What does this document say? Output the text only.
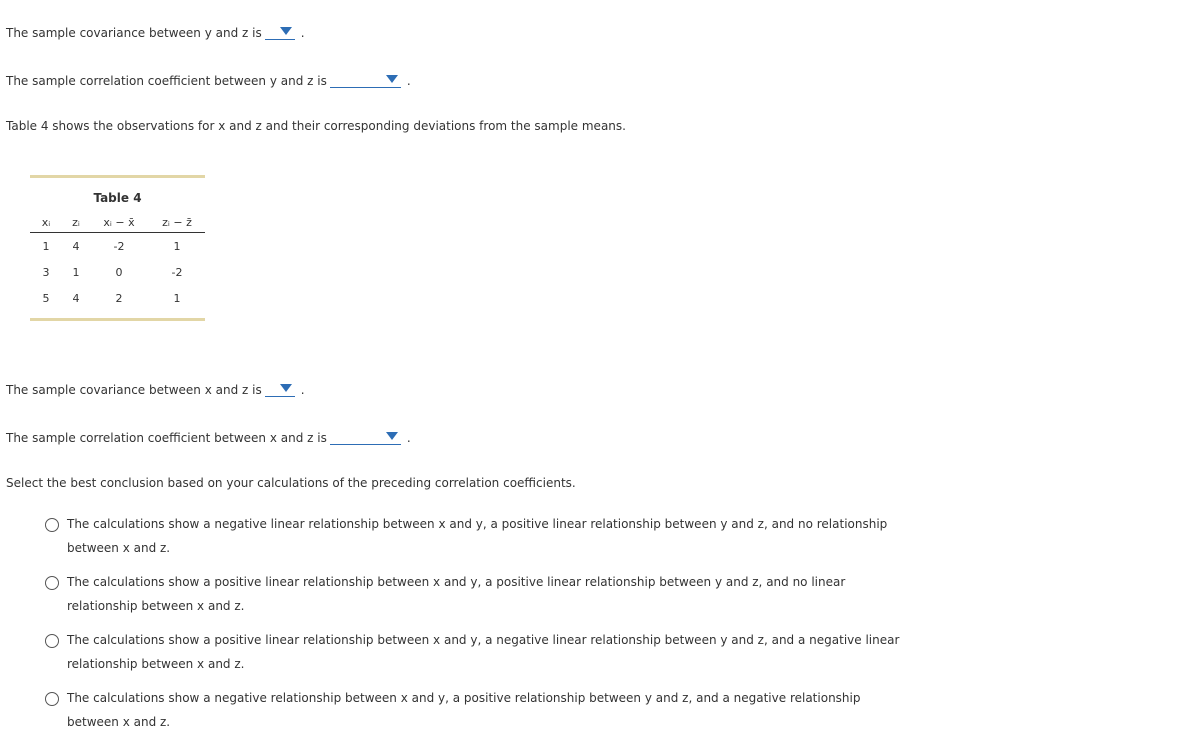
The sample covariance between y and z is	.
The sample correlation coefficient between y and z is	.
Table 4 shows the observations for x and z and their corresponding deviations from the sample means.
Table 4
xᵢ	zᵢ	xᵢ − x̄	zᵢ − z̄
1	4	-2	1
3	1	0	-2
5	4	2	1
The sample covariance between x and z is	.
The sample correlation coefficient between x and z is	.
Select the best conclusion based on your calculations of the preceding correlation coefficients.
The calculations show a negative linear relationship between x and y, a positive linear relationship between y and z, and no relationship between x and z.
The calculations show a positive linear relationship between x and y, a positive linear relationship between y and z, and no linear relationship between x and z.
The calculations show a positive linear relationship between x and y, a negative linear relationship between y and z, and a negative linear relationship between x and z.
The calculations show a negative relationship between x and y, a positive relationship between y and z, and a negative relationship between x and z.
